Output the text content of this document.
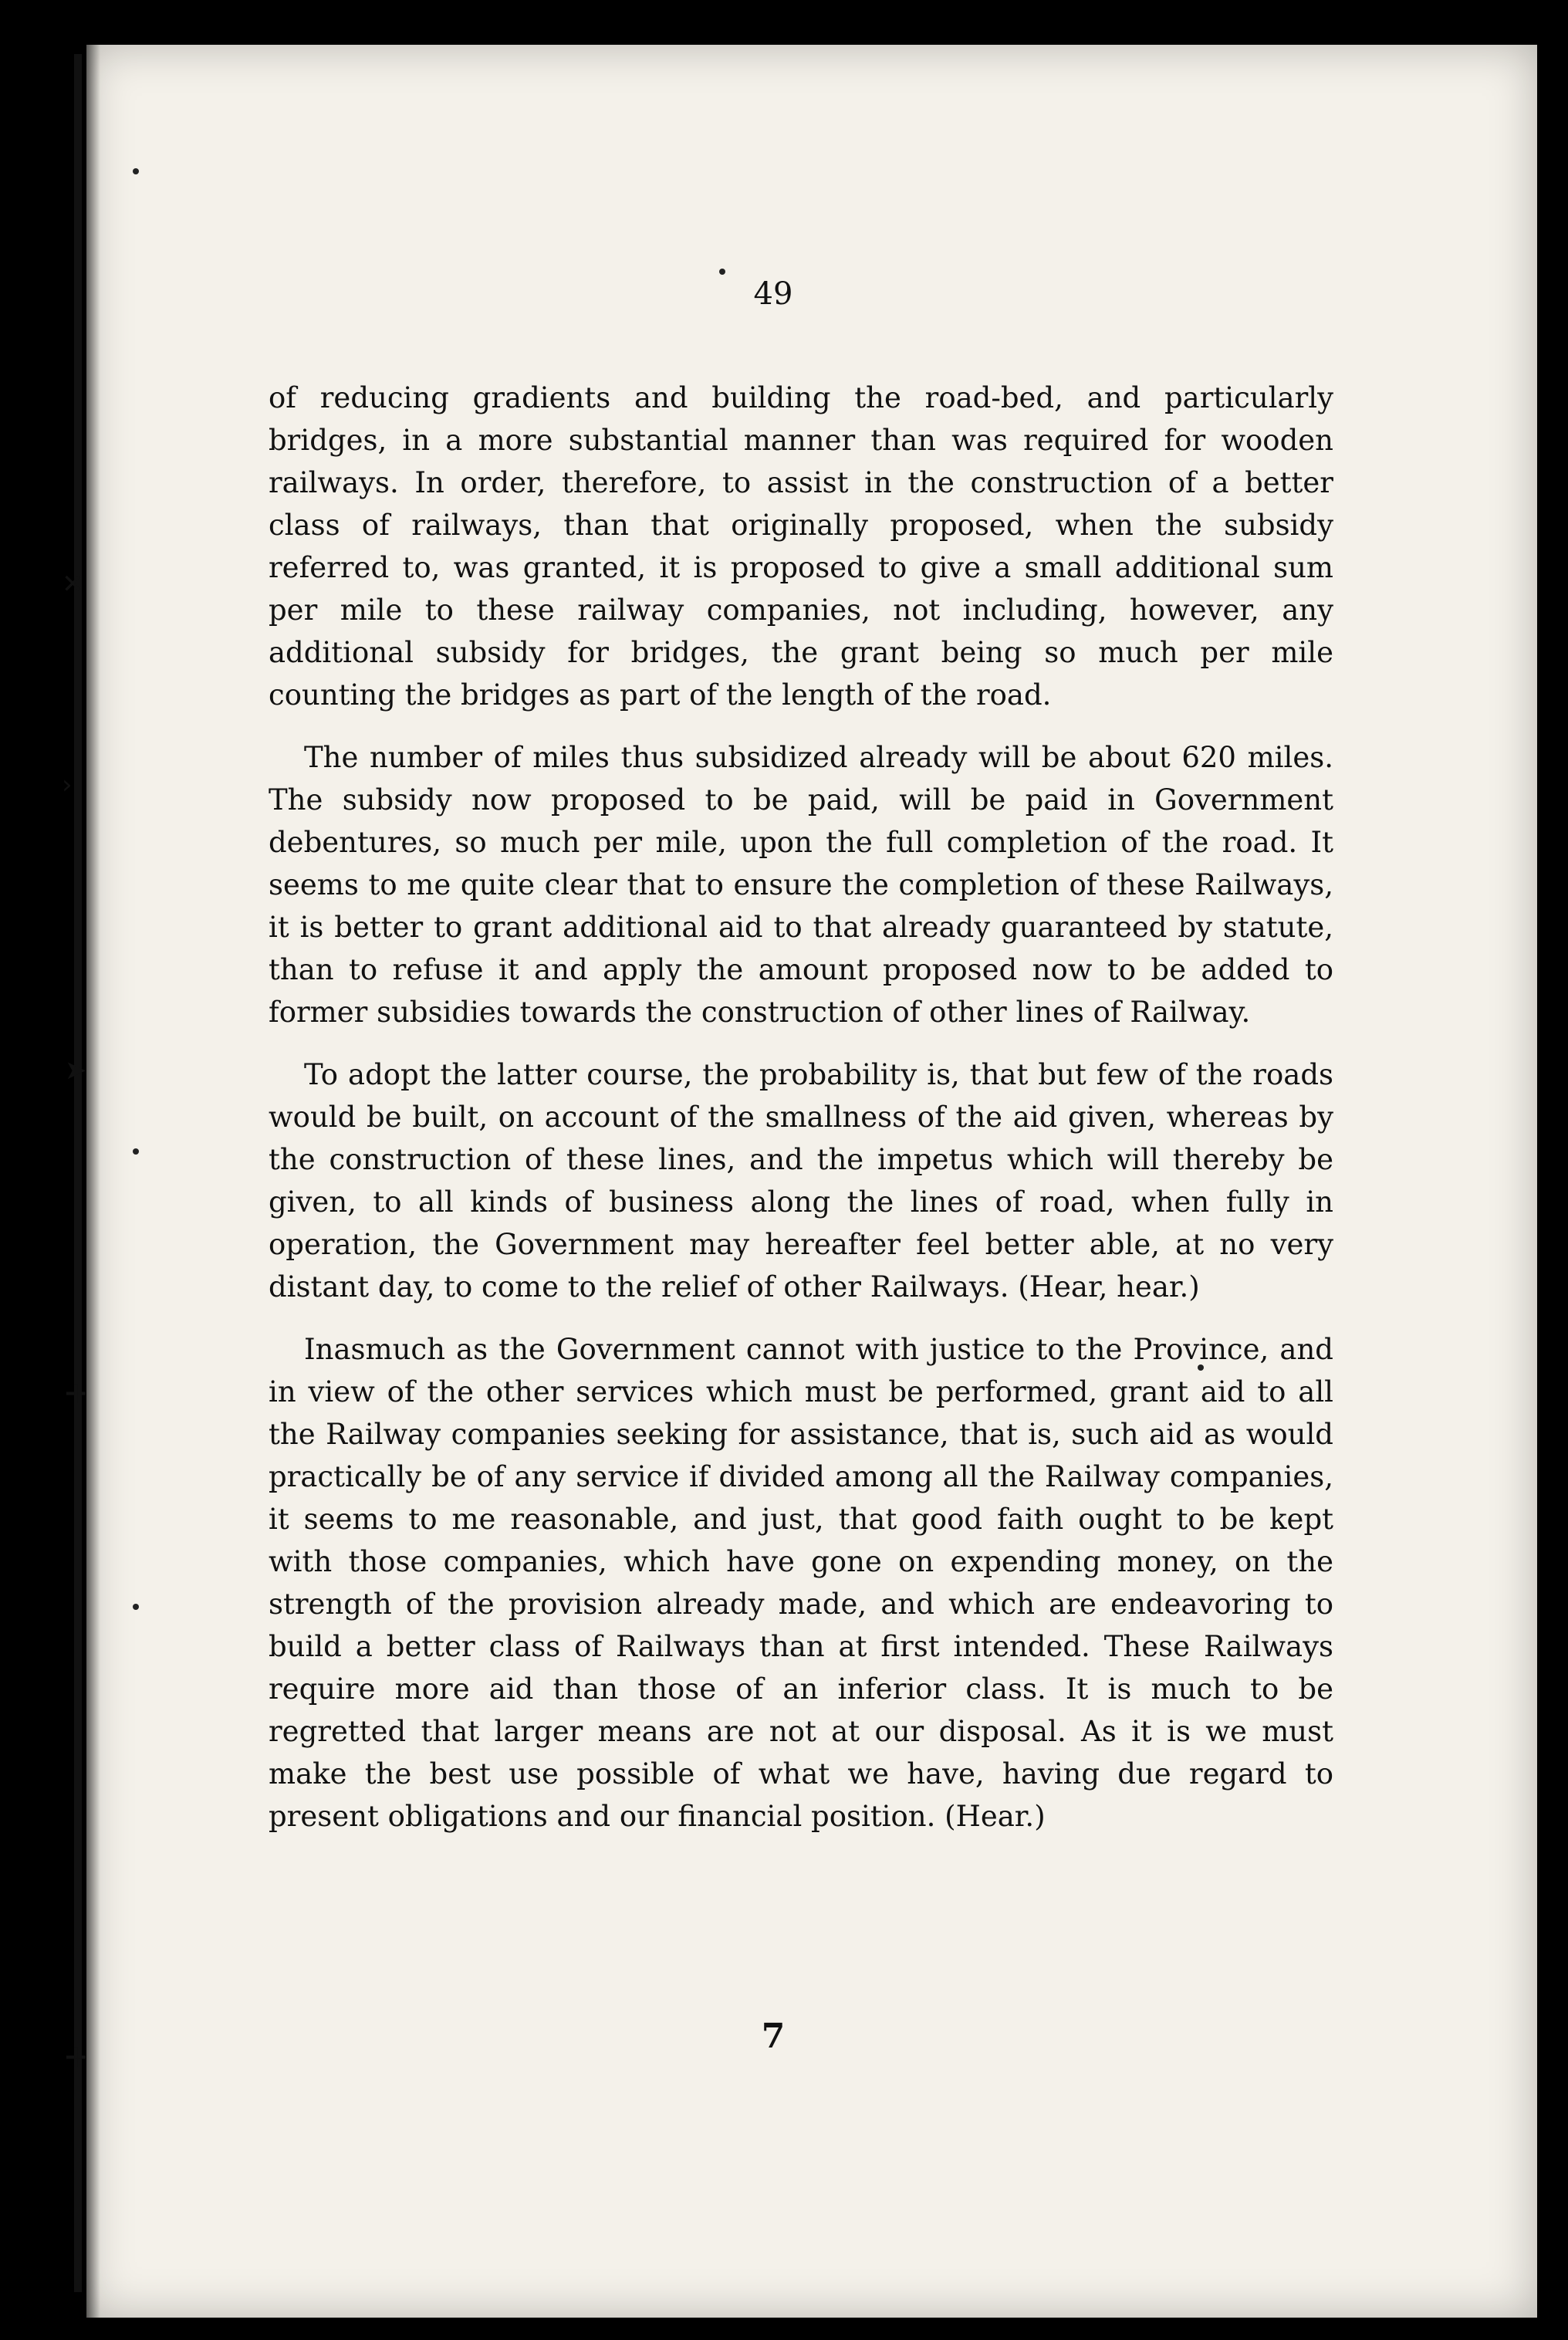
✕
›
➤
✛
✛
49

of reducing gradients and building the road-bed, and particularly bridges, in a more substantial manner than was required for wooden railways. In order, therefore, to assist in the construction of a better class of railways, than that originally proposed, when the subsidy referred to, was granted, it is proposed to give a small additional sum per mile to these railway companies, not including, however, any additional subsidy for bridges, the grant being so much per mile counting the bridges as part of the length of the road.

The number of miles thus subsidized already will be about 620 miles. The subsidy now proposed to be paid, will be paid in Government debentures, so much per mile, upon the full completion of the road. It seems to me quite clear that to ensure the completion of these Railways, it is better to grant additional aid to that already guaranteed by statute, than to refuse it and apply the amount proposed now to be added to former subsidies towards the construction of other lines of Railway.

To adopt the latter course, the probability is, that but few of the roads would be built, on account of the smallness of the aid given, whereas by the construction of these lines, and the impetus which will thereby be given, to all kinds of business along the lines of road, when fully in operation, the Government may hereafter feel better able, at no very distant day, to come to the relief of other Railways. (Hear, hear.)

Inasmuch as the Government cannot with justice to the Province, and in view of the other services which must be performed, grant aid to all the Railway companies seeking for assistance, that is, such aid as would practically be of any service if divided among all the Railway companies, it seems to me reasonable, and just, that good faith ought to be kept with those companies, which have gone on expending money, on the strength of the provision already made, and which are endeavoring to build a better class of Railways than at first intended. These Railways require more aid than those of an inferior class. It is much to be regretted that larger means are not at our disposal. As it is we must make the best use possible of what we have, having due regard to present obligations and our financial position. (Hear.)

7
